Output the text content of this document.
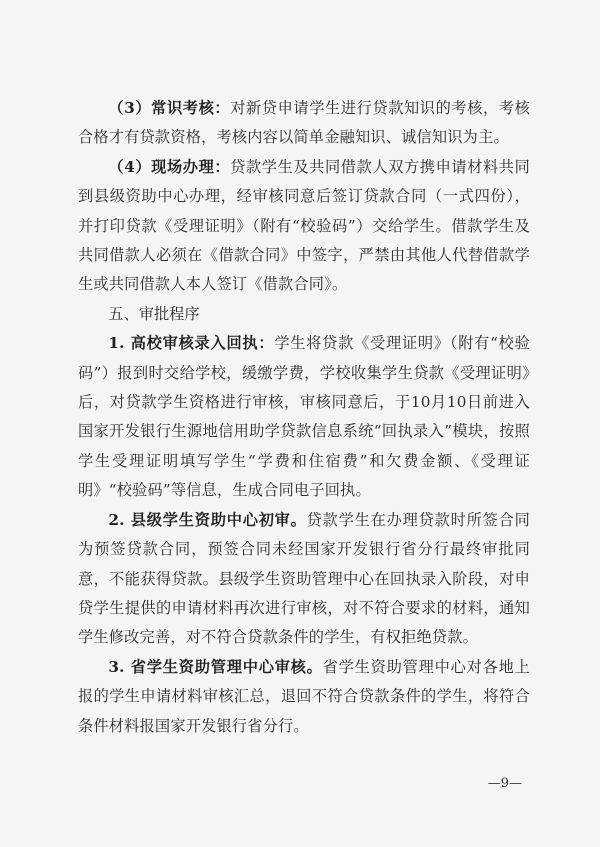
（3）常识考核：对新贷申请学生进行贷款知识的考核，考核合格才有贷款资格，考核内容以简单金融知识、诚信知识为主。

（4）现场办理：贷款学生及共同借款人双方携申请材料共同到县级资助中心办理，经审核同意后签订贷款合同（一式四份），并打印贷款《受理证明》（附有“校验码”）交给学生。借款学生及共同借款人必须在《借款合同》中签字，严禁由其他人代替借款学生或共同借款人本人签订《借款合同》。

五、审批程序

1. 高校审核录入回执：学生将贷款《受理证明》（附有“校验码”）报到时交给学校，缓缴学费，学校收集学生贷款《受理证明》后，对贷款学生资格进行审核，审核同意后，于10月10日前进入国家开发银行生源地信用助学贷款信息系统“回执录入”模块，按照学生受理证明填写学生“学费和住宿费”和欠费金额、《受理证明》“校验码”等信息，生成合同电子回执。

2. 县级学生资助中心初审。贷款学生在办理贷款时所签合同为预签贷款合同，预签合同未经国家开发银行省分行最终审批同意，不能获得贷款。县级学生资助管理中心在回执录入阶段，对申贷学生提供的申请材料再次进行审核，对不符合要求的材料，通知学生修改完善，对不符合贷款条件的学生，有权拒绝贷款。

3. 省学生资助管理中心审核。省学生资助管理中心对各地上报的学生申请材料审核汇总，退回不符合贷款条件的学生，将符合条件材料报国家开发银行省分行。

—9—
